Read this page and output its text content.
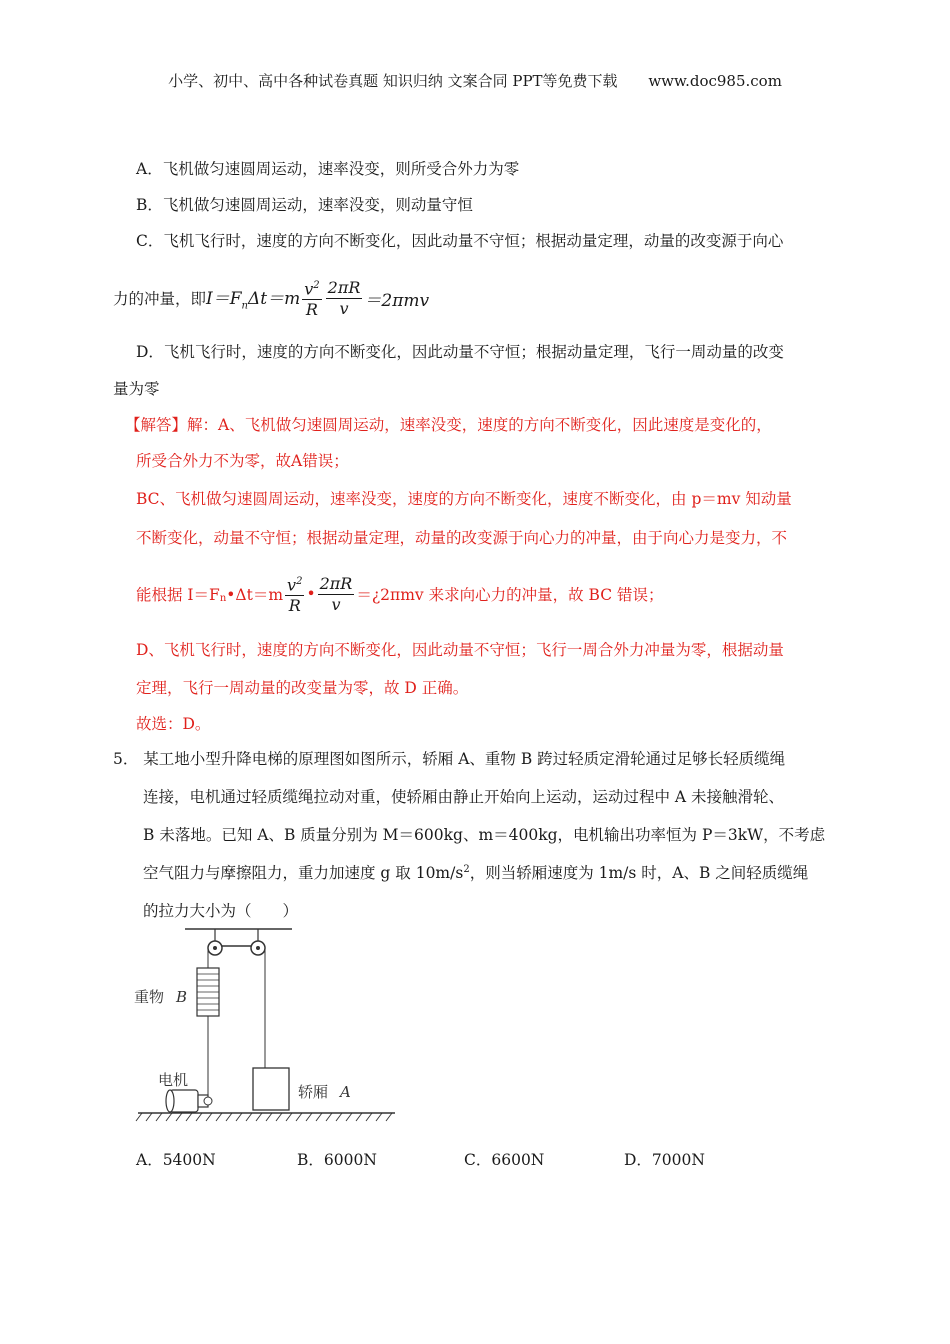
小学、初中、高中各种试卷真题 知识归纳 文案合同 PPT等免费下载 www.doc985.com
A．飞机做匀速圆周运动，速率没变，则所受合外力为零
B．飞机做匀速圆周运动，速率没变，则动量守恒
C．飞机飞行时，速度的方向不断变化，因此动量不守恒；根据动量定理，动量的改变源于向心
力的冲量，即 $I=F_n\Delta t=m \frac{v^2}{R} \frac{2\pi R}{v} =2\pi mv$
D．飞机飞行时，速度的方向不断变化，因此动量不守恒；根据动量定理，飞行一周动量的改变
量为零
【解答】解：A、飞机做匀速圆周运动，速率没变，速度的方向不断变化，因此速度是变化的，
所受合外力不为零，故A错误；
BC、飞机做匀速圆周运动，速率没变，速度的方向不断变化，速度不断变化，由 p＝mv 知动量
不断变化，动量不守恒；根据动量定理，动量的改变源于向心力的冲量，由于向心力是变力，不
能根据 I＝F n •Δt＝m $\frac{v^2}{R}$ • $\frac{2\pi R}{v}$ ＝¿ 2πmv 来求向心力的冲量，故 BC 错误；
D、飞机飞行时，速度的方向不断变化，因此动量不守恒；飞行一周合外力冲量为零，根据动量
定理，飞行一周动量的改变量为零，故 D 正确。
故选：D。
5． 某工地小型升降电梯的原理图如图所示，轿厢 A、重物 B 跨过轻质定滑轮通过足够长轻质缆绳
连接，电机通过轻质缆绳拉动对重，使轿厢由静止开始向上运动，运动过程中 A 未接触滑轮、
B 未落地。已知 A、B 质量分别为 M＝600kg、m＝400kg，电机输出功率恒为 P＝3kW，不考虑
空气阻力与摩擦阻力，重力加速度 g 取 $10m/s^2$，则当轿厢速度为 1m/s 时，A、B 之间轻质缆绳
的拉力大小为（　　）
重物 B
电机
轿厢 A
A．5400N	B．6000N	C．6600N	D．7000N
